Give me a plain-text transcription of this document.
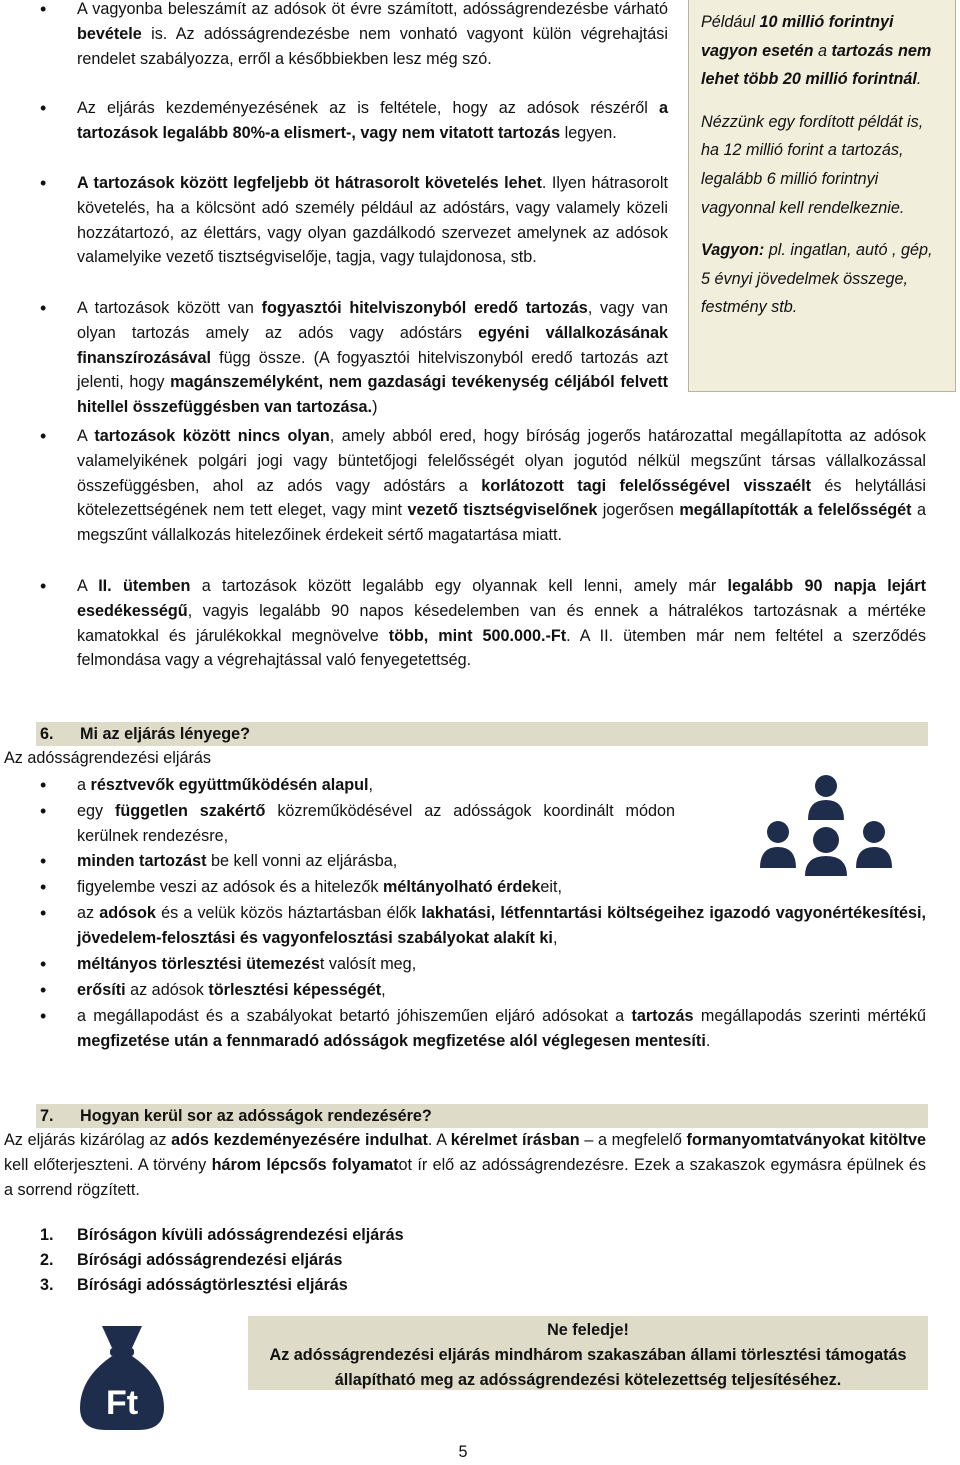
Például 10 millió forintnyi vagyon esetén a tartozás nem lehet több 20 millió forintnál.

Nézzünk egy fordított példát is, ha 12 millió forint a tartozás, legalább 6 millió forintnyi vagyonnal kell rendelkeznie.

Vagyon: pl. ingatlan, autó , gép, 5 évnyi jövedelmek összege, festmény stb.

• A vagyonba beleszámít az adósok öt évre számított, adósságrendezésbe várható bevétele is. Az adósságrendezésbe nem vonható vagyont külön végrehajtási rendelet szabályozza, erről a későbbiekben lesz még szó.
• Az eljárás kezdeményezésének az is feltétele, hogy az adósok részéről a tartozások legalább 80%-a elismert-, vagy nem vitatott tartozás legyen.
• A tartozások között legfeljebb öt hátrasorolt követelés lehet. Ilyen hátrasorolt követelés, ha a kölcsönt adó személy például az adóstárs, vagy valamely közeli hozzátartozó, az élettárs, vagy olyan gazdálkodó szervezet amelynek az adósok valamelyike vezető tisztségviselője, tagja, vagy tulajdonosa, stb.
• A tartozások között van fogyasztói hitelviszonyból eredő tartozás, vagy van olyan tartozás amely az adós vagy adóstárs egyéni vállalkozásának finanszírozásával függ össze. (A fogyasztói hitelviszonyból eredő tartozás azt jelenti, hogy magánszemélyként, nem gazdasági tevékenység céljából felvett hitellel összefüggésben van tartozása.)

• A tartozások között nincs olyan, amely abból ered, hogy bíróság jogerős határozattal megállapította az adósok valamelyikének polgári jogi vagy büntetőjogi felelősségét olyan jogutód nélkül megszűnt társas vállalkozással összefüggésben, ahol az adós vagy adóstárs a korlátozott tagi felelősségével visszaélt és helytállási kötelezettségének nem tett eleget, vagy mint vezető tisztségviselőnek jogerősen megállapították a felelősségét a megszűnt vállalkozás hitelezőinek érdekeit sértő magatartása miatt.
• A II. ütemben a tartozások között legalább egy olyannak kell lenni, amely már legalább 90 napja lejárt esedékességű, vagyis legalább 90 napos késedelemben van és ennek a hátralékos tartozásnak a mértéke kamatokkal és járulékokkal megnövelve több, mint 500.000.-Ft. A II. ütemben már nem feltétel a szerződés felmondása vagy a végrehajtással való fenyegetettség.
6. Mi az eljárás lényege?

Az adósságrendezési eljárás

• a résztvevők együttműködésén alapul,
• egy független szakértő közreműködésével az adósságok koordinált módon kerülnek rendezésre,
• minden tartozást be kell vonni az eljárásba,
• figyelembe veszi az adósok és a hitelezők méltányolható érdekeit,
• az adósok és a velük közös háztartásban élők lakhatási, létfenntartási költségeihez igazodó vagyonértékesítési, jövedelem-felosztási és vagyonfelosztási szabályokat alakít ki,
• méltányos törlesztési ütemezést valósít meg,
• erősíti az adósok törlesztési képességét,
• a megállapodást és a szabályokat betartó jóhiszeműen eljáró adósokat a tartozás megállapodás szerinti mértékű megfizetése után a fennmaradó adósságok megfizetése alól véglegesen mentesíti.
7. Hogyan kerül sor az adósságok rendezésére?

Az eljárás kizárólag az adós kezdeményezésére indulhat. A kérelmet írásban – a megfelelő formanyomtatványokat kitöltve kell előterjeszteni. A törvény három lépcsős folyamatot ír elő az adósságrendezésre. Ezek a szakaszok egymásra épülnek és a sorrend rögzített.

1. Bíróságon kívüli adósságrendezési eljárás
2. Bírósági adósságrendezési eljárás
3. Bírósági adósságtörlesztési eljárás
Ft
Ne feledje!
Az adósságrendezési eljárás mindhárom szakaszában állami törlesztési támogatás állapítható meg az adósságrendezési kötelezettség teljesítéséhez.
5
